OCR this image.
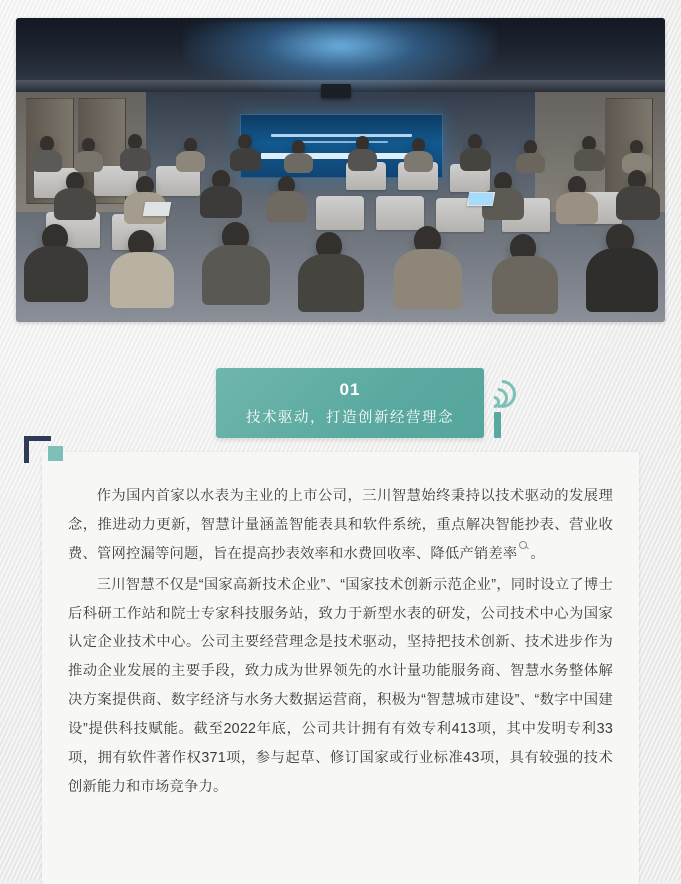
01
技术驱动，打造创新经营理念

作为国内首家以水表为主业的上市公司，三川智慧始终秉持以技术驱动的发展理念，推进动力更新，智慧计量涵盖智能表具和软件系统，重点解决智能抄表、营业收费、管网控漏等问题，旨在提高抄表效率和水费回收率、降低产销差率 。

三川智慧不仅是“国家高新技术企业”、“国家技术创新示范企业”，同时设立了博士后科研工作站和院士专家科技服务站，致力于新型水表的研发，公司技术中心为国家认定企业技术中心。公司主要经营理念是技术驱动，坚持把技术创新、技术进步作为推动企业发展的主要手段，致力成为世界领先的水计量功能服务商、智慧水务整体解决方案提供商、数字经济与水务大数据运营商，积极为“智慧城市建设”、“数字中国建设”提供科技赋能。截至2022年底，公司共计拥有有效专利413项，其中发明专利33项，拥有软件著作权371项，参与起草、修订国家或行业标准43项，具有较强的技术创新能力和市场竞争力。
